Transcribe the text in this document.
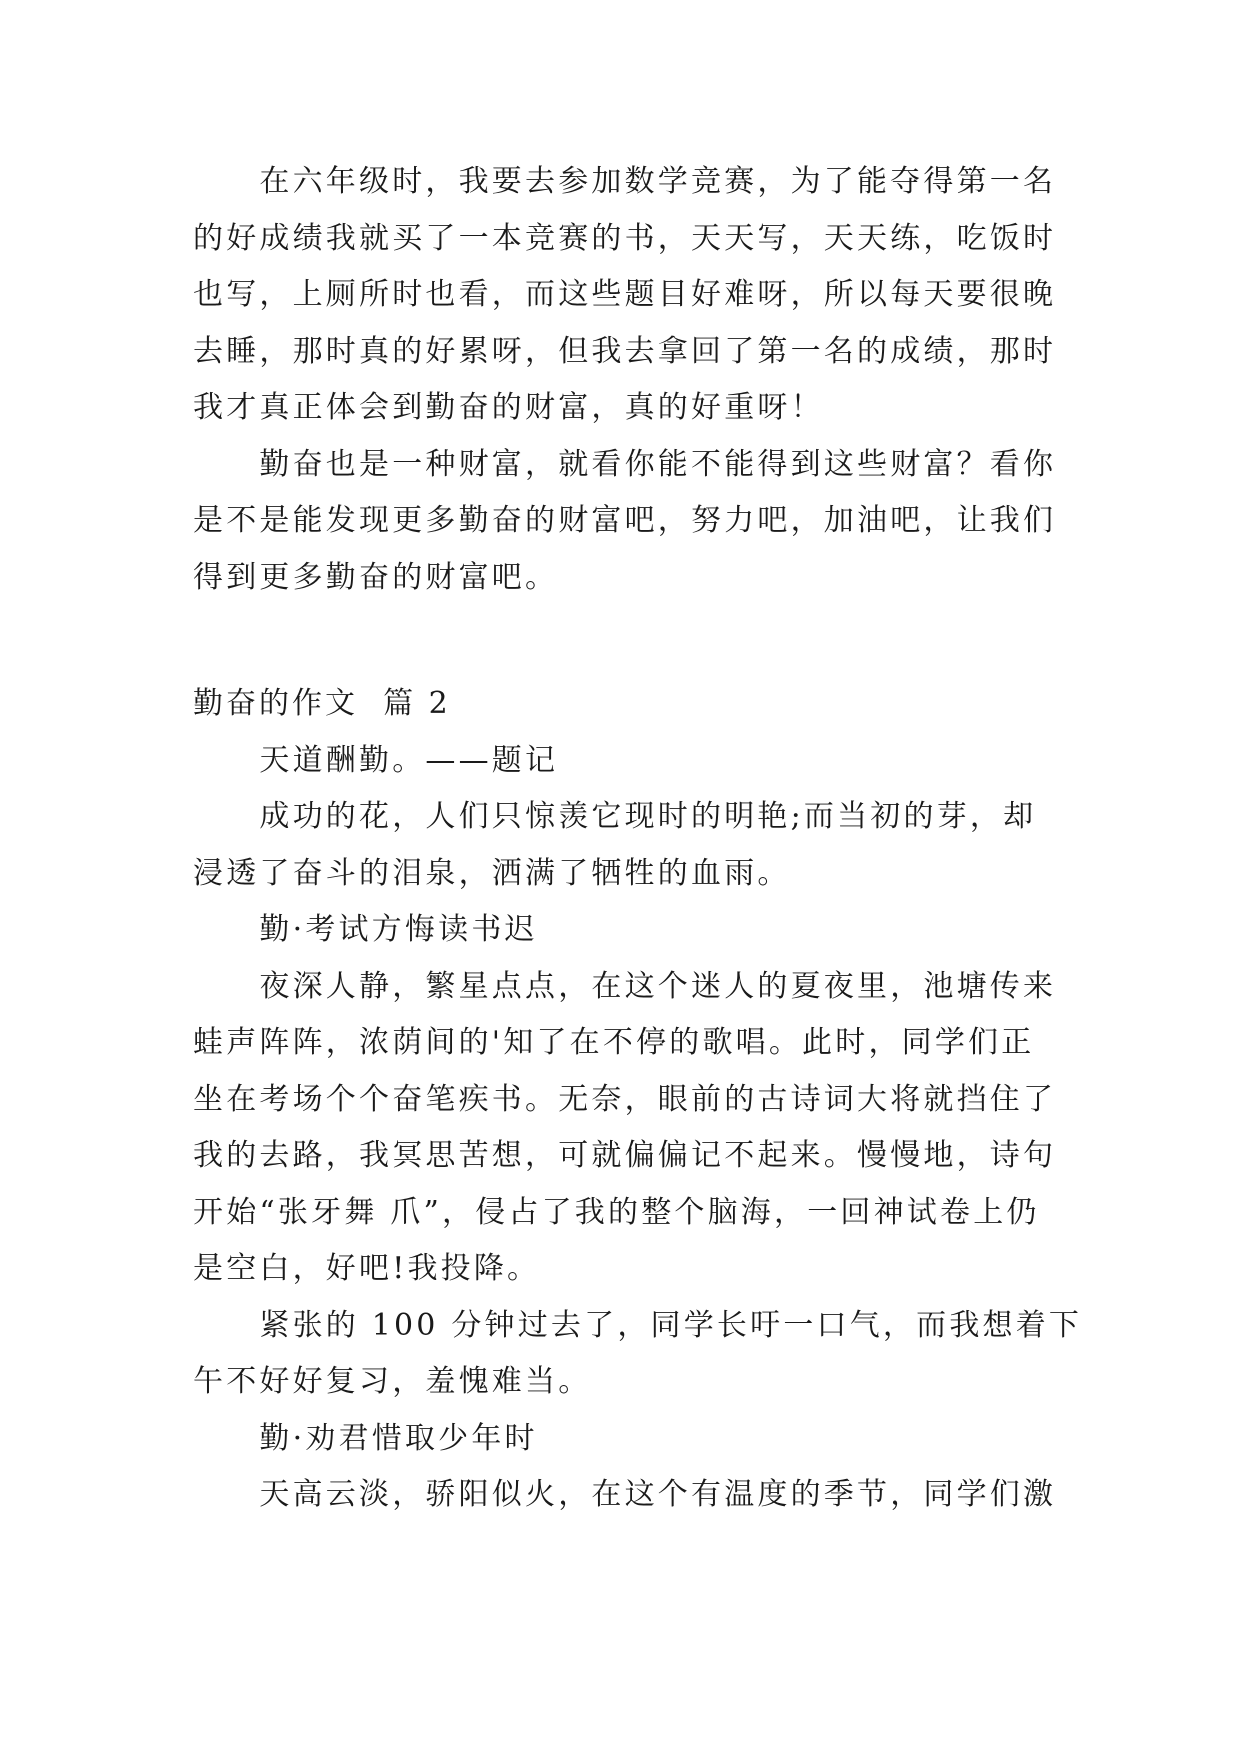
　　在六年级时，我要去参加数学竞赛，为了能夺得第一名
的好成绩我就买了一本竞赛的书，天天写，天天练，吃饭时
也写，上厕所时也看，而这些题目好难呀，所以每天要很晚
去睡，那时真的好累呀，但我去拿回了第一名的成绩，那时
我才真正体会到勤奋的财富，真的好重呀！
　　勤奋也是一种财富，就看你能不能得到这些财富？看你
是不是能发现更多勤奋的财富吧，努力吧，加油吧，让我们
得到更多勤奋的财富吧。
勤奋的作文  篇 2
　　天道酬勤。——题记
　　成功的花，人们只惊羡它现时的明艳;而当初的芽，却
浸透了奋斗的泪泉，洒满了牺牲的血雨。
　　勤·考试方悔读书迟
　　夜深人静，繁星点点，在这个迷人的夏夜里，池塘传来
蛙声阵阵，浓荫间的'知了在不停的歌唱。此时，同学们正
坐在考场个个奋笔疾书。无奈，眼前的古诗词大将就挡住了
我的去路，我冥思苦想，可就偏偏记不起来。慢慢地，诗句
开始“张牙舞 爪”，侵占了我的整个脑海，一回神试卷上仍
是空白，好吧!我投降。
　　紧张的 100 分钟过去了，同学长吁一口气，而我想着下
午不好好复习，羞愧难当。
　　勤·劝君惜取少年时
　　天高云淡，骄阳似火，在这个有温度的季节，同学们激
